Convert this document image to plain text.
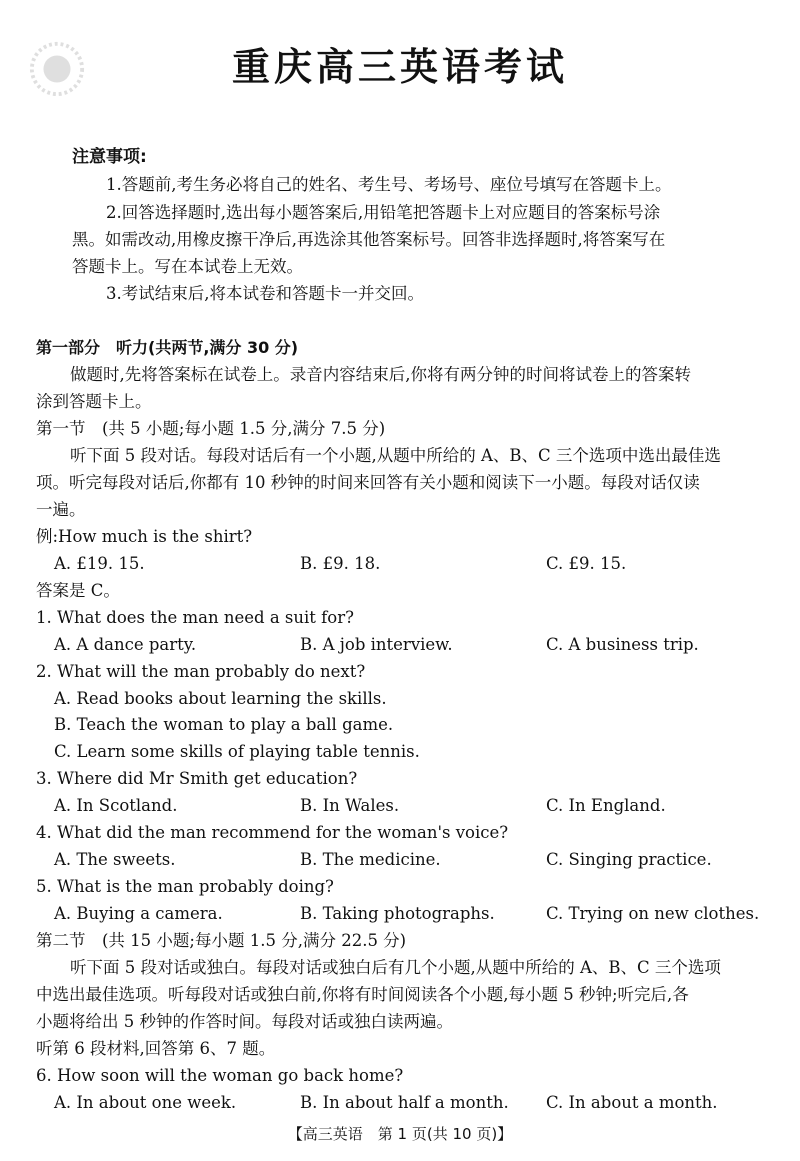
重庆高三英语考试
注意事项:
1.答题前,考生务必将自己的姓名、考生号、考场号、座位号填写在答题卡上。
2.回答选择题时,选出每小题答案后,用铅笔把答题卡上对应题目的答案标号涂
黑。如需改动,用橡皮擦干净后,再选涂其他答案标号。回答非选择题时,将答案写在
答题卡上。写在本试卷上无效。
3.考试结束后,将本试卷和答题卡一并交回。
第一部分　听力(共两节,满分 30 分)
做题时,先将答案标在试卷上。录音内容结束后,你将有两分钟的时间将试卷上的答案转
涂到答题卡上。
第一节　(共 5 小题;每小题 1.5 分,满分 7.5 分)
听下面 5 段对话。每段对话后有一个小题,从题中所给的 A、B、C 三个选项中选出最佳选
项。听完每段对话后,你都有 10 秒钟的时间来回答有关小题和阅读下一小题。每段对话仅读
一遍。
例:How much is the shirt?
A. £19. 15.	B. £9. 18.	C. £9. 15.
答案是 C。
1. What does the man need a suit for?
A. A dance party.	B. A job interview.	C. A business trip.
2. What will the man probably do next?
A. Read books about learning the skills.
B. Teach the woman to play a ball game.
C. Learn some skills of playing table tennis.
3. Where did Mr Smith get education?
A. In Scotland.	B. In Wales.	C. In England.
4. What did the man recommend for the woman's voice?
A. The sweets.	B. The medicine.	C. Singing practice.
5. What is the man probably doing?
A. Buying a camera.	B. Taking photographs.	C. Trying on new clothes.
第二节　(共 15 小题;每小题 1.5 分,满分 22.5 分)
听下面 5 段对话或独白。每段对话或独白后有几个小题,从题中所给的 A、B、C 三个选项
中选出最佳选项。听每段对话或独白前,你将有时间阅读各个小题,每小题 5 秒钟;听完后,各
小题将给出 5 秒钟的作答时间。每段对话或独白读两遍。
听第 6 段材料,回答第 6、7 题。
6. How soon will the woman go back home?
A. In about one week.	B. In about half a month. C. In about a month.
【高三英语　第 1 页(共 10 页)】
